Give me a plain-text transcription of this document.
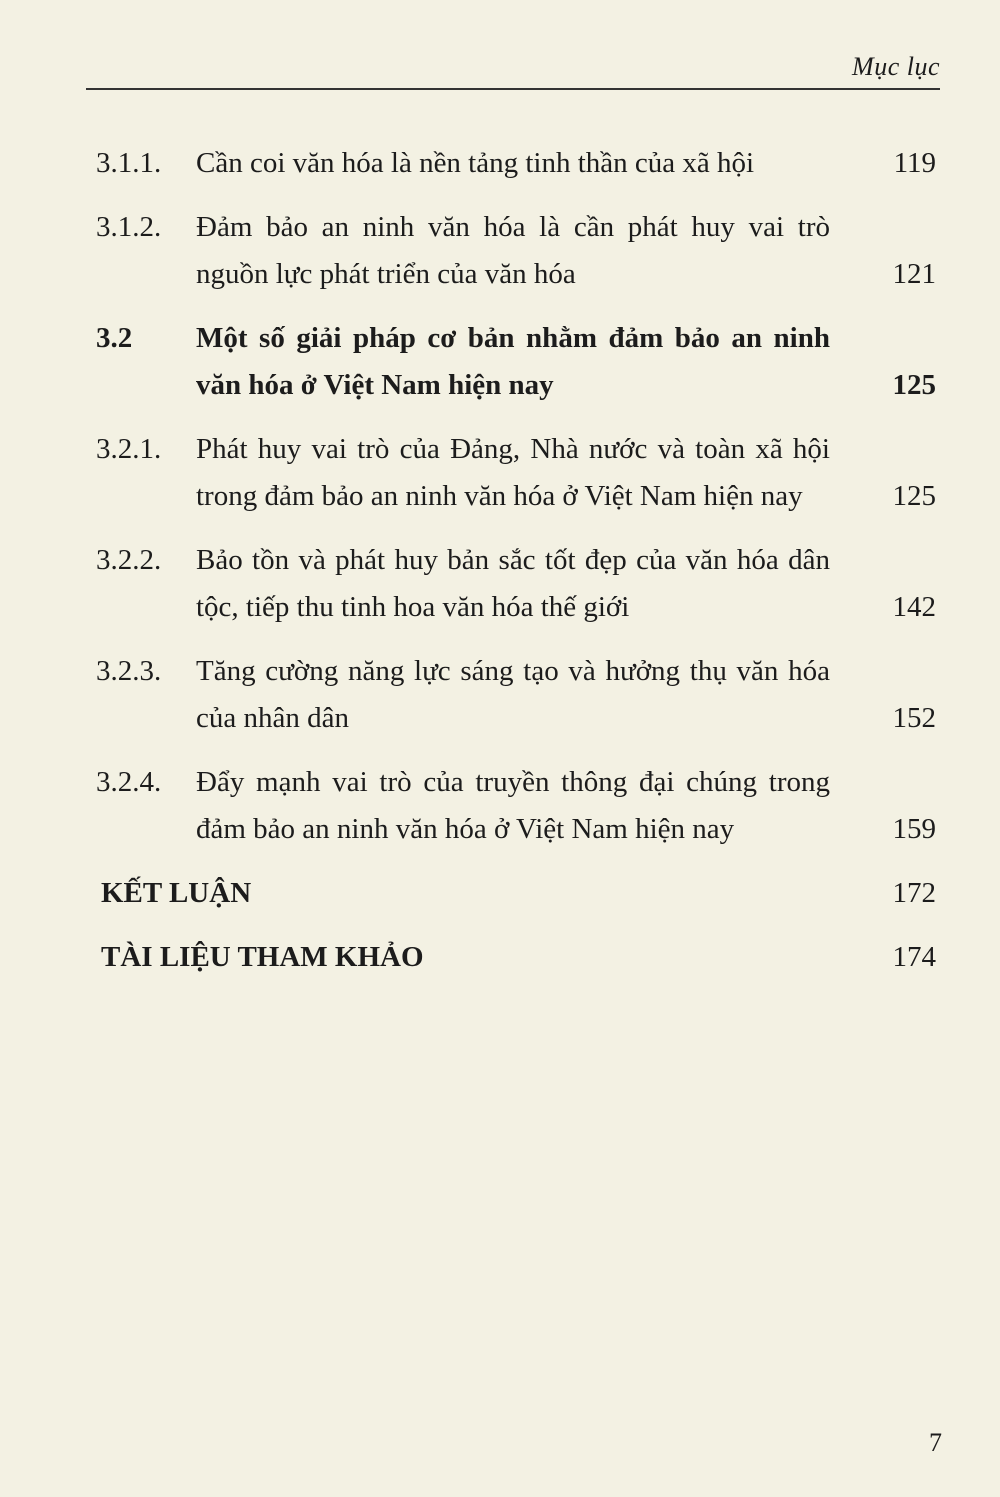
Mục lục
3.1.1. Cần coi văn hóa là nền tảng tinh thần của xã hội	119
3.1.2. Đảm bảo an ninh văn hóa là cần phát huy vai trò nguồn lực phát triển của văn hóa	121
3.2 Một số giải pháp cơ bản nhằm đảm bảo an ninh văn hóa ở Việt Nam hiện nay	125
3.2.1. Phát huy vai trò của Đảng, Nhà nước và toàn xã hội trong đảm bảo an ninh văn hóa ở Việt Nam hiện nay	125
3.2.2. Bảo tồn và phát huy bản sắc tốt đẹp của văn hóa dân tộc, tiếp thu tinh hoa văn hóa thế giới	142
3.2.3. Tăng cường năng lực sáng tạo và hưởng thụ văn hóa của nhân dân	152
3.2.4. Đẩy mạnh vai trò của truyền thông đại chúng trong đảm bảo an ninh văn hóa ở Việt Nam hiện nay	159
KẾT LUẬN	172
TÀI LIỆU THAM KHẢO	174
7
